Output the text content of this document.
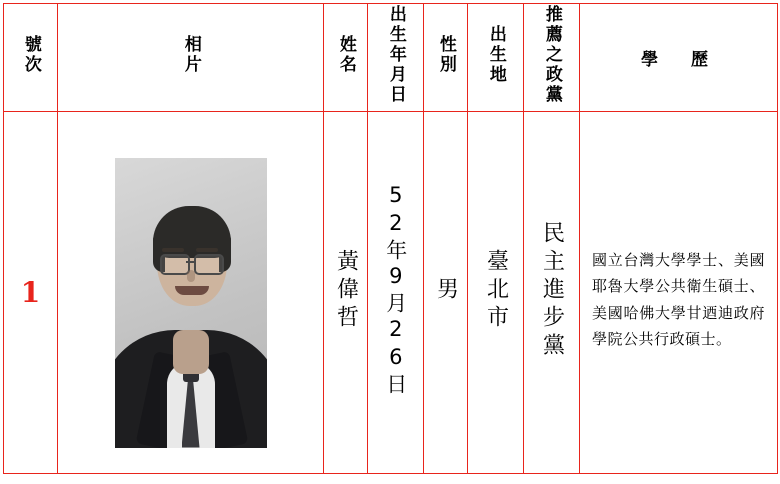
號次	相片	姓名	出生年月日	性別	出生地	推薦之政黨	學　歷
1		黃偉哲	52年9月26日	男	臺北市	民主進步黨	國立台灣大學學士、美國耶魯大學公共衛生碩士、美國哈佛大學甘迺迪政府學院公共行政碩士。
